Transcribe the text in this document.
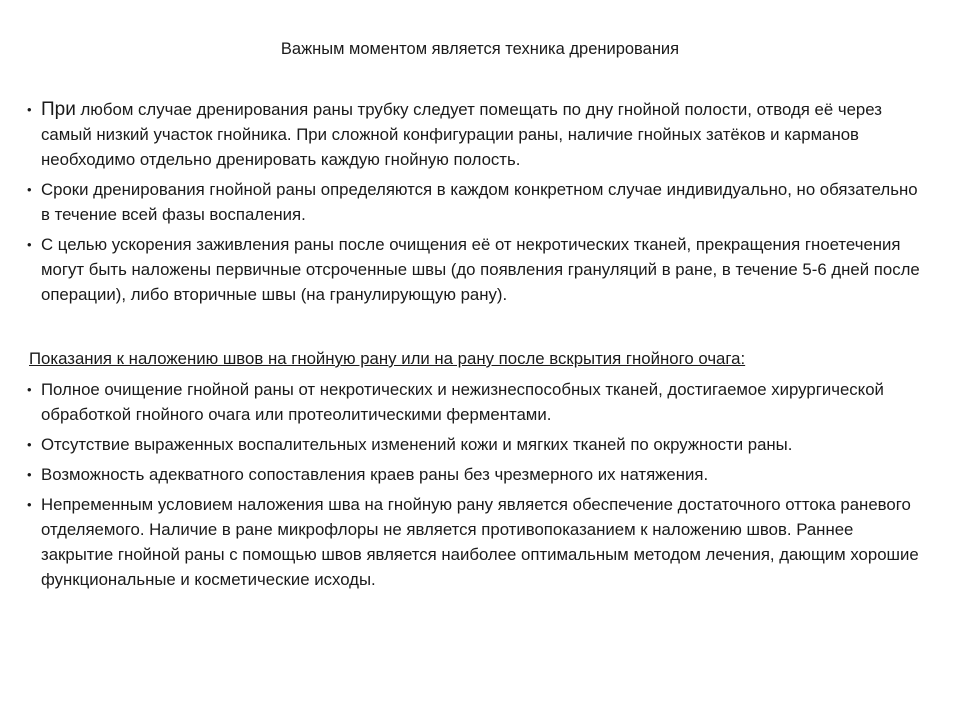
Важным моментом является техника дренирования
• При любом случае дренирования раны трубку следует помещать по дну гнойной полости, отводя её через самый низкий участок гнойника. При сложной конфигурации раны, наличие гнойных затёков и карманов необходимо отдельно дренировать каждую гнойную полость.
• Сроки дренирования гнойной раны определяются в каждом конкретном случае индивидуально, но обязательно в течение всей фазы воспаления.
• С целью ускорения заживления раны после очищения её от некротических тканей, прекращения гноетечения могут быть наложены первичные отсроченные швы (до появления грануляций в ране, в течение 5-6 дней после операции), либо вторичные швы (на гранулирующую рану).
Показания к наложению швов на гнойную рану или на рану после вскрытия гнойного очага:
• Полное очищение гнойной раны от некротических и нежизнеспособных тканей, достигаемое хирургической обработкой гнойного очага или протеолитическими ферментами.
• Отсутствие выраженных воспалительных изменений кожи и мягких тканей по окружности раны.
• Возможность адекватного сопоставления краев раны без чрезмерного их натяжения.
• Непременным условием наложения шва на гнойную рану является обеспечение достаточного оттока раневого отделяемого. Наличие в ране микрофлоры не является противопоказанием к наложению швов. Раннее закрытие гнойной раны с помощью швов является наиболее оптимальным методом лечения, дающим хорошие функциональные и косметические исходы.
